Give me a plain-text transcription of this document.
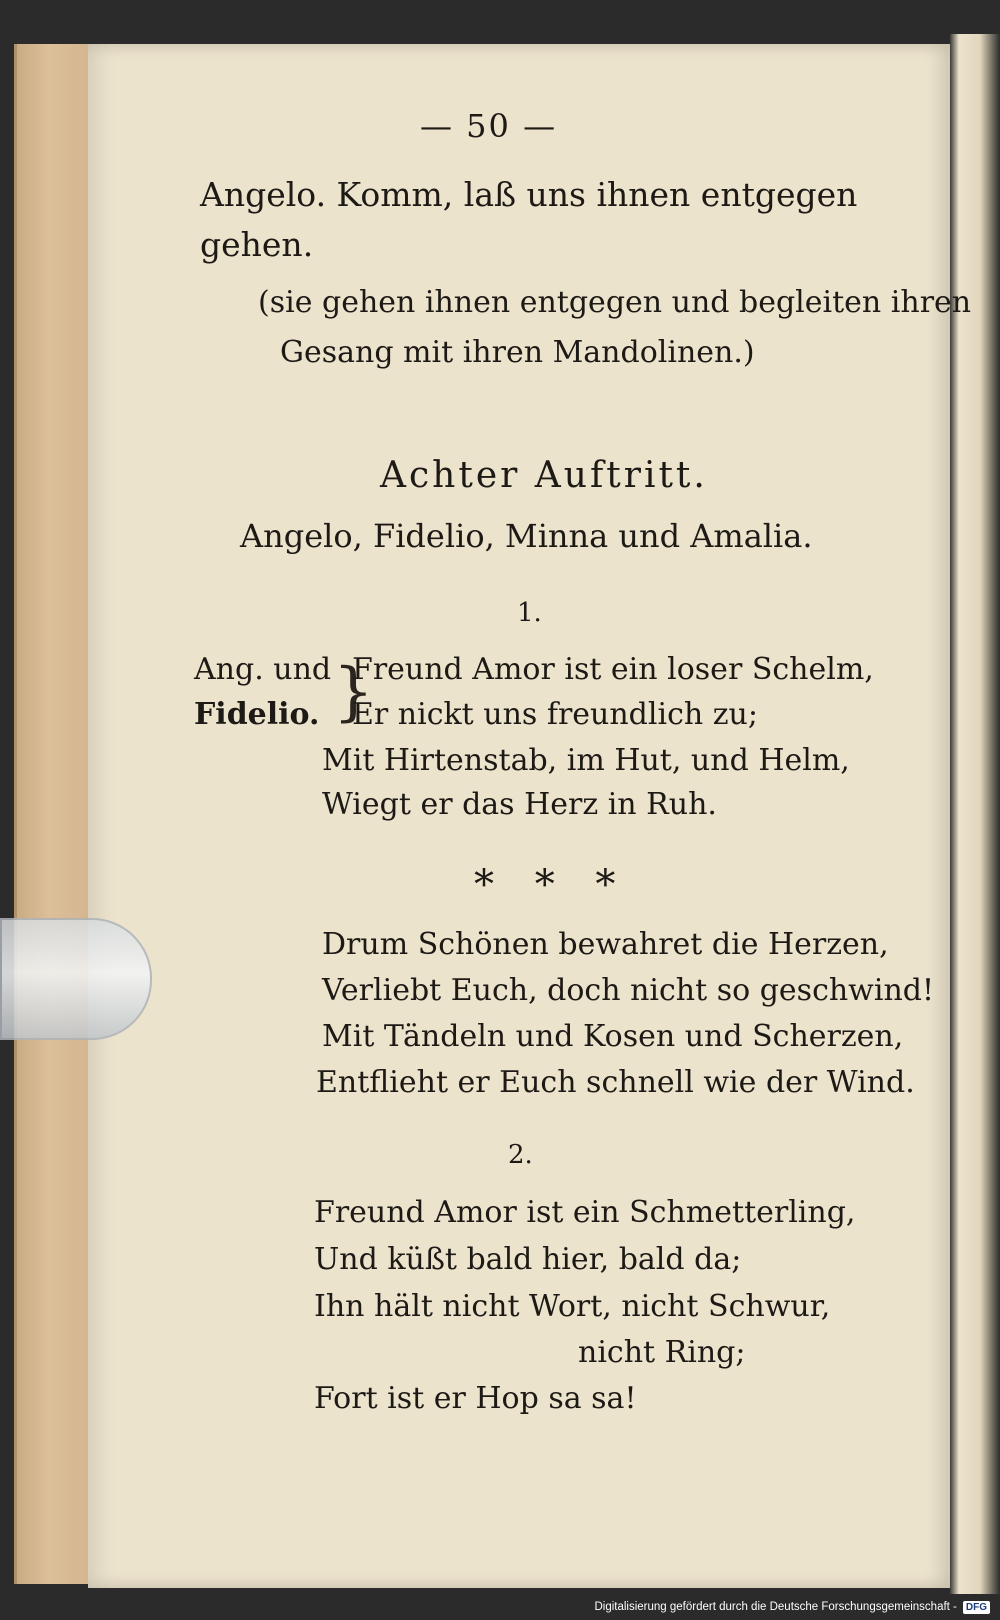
— 50 —
Angelo. Komm, laß uns ihnen entgegen
gehen.
(sie gehen ihnen entgegen und begleiten ihren
Gesang mit ihren Mandolinen.)
Achter Auftritt.
Angelo, Fidelio, Minna und Amalia.
1.
Ang. und
Fidelio. }
Freund Amor ist ein loser Schelm,
Er nickt uns freundlich zu;
Mit Hirtenstab, im Hut, und Helm,
Wiegt er das Herz in Ruh.
* * *
Drum Schönen bewahret die Herzen,
Verliebt Euch, doch nicht so geschwind!
Mit Tändeln und Kosen und Scherzen,
Entflieht er Euch schnell wie der Wind.
2.
Freund Amor ist ein Schmetterling,
Und küßt bald hier, bald da;
Ihn hält nicht Wort, nicht Schwur,
nicht Ring;
Fort ist er Hop sa sa!
Digitalisierung gefördert durch die Deutsche Forschungsgemeinschaft - DFG
